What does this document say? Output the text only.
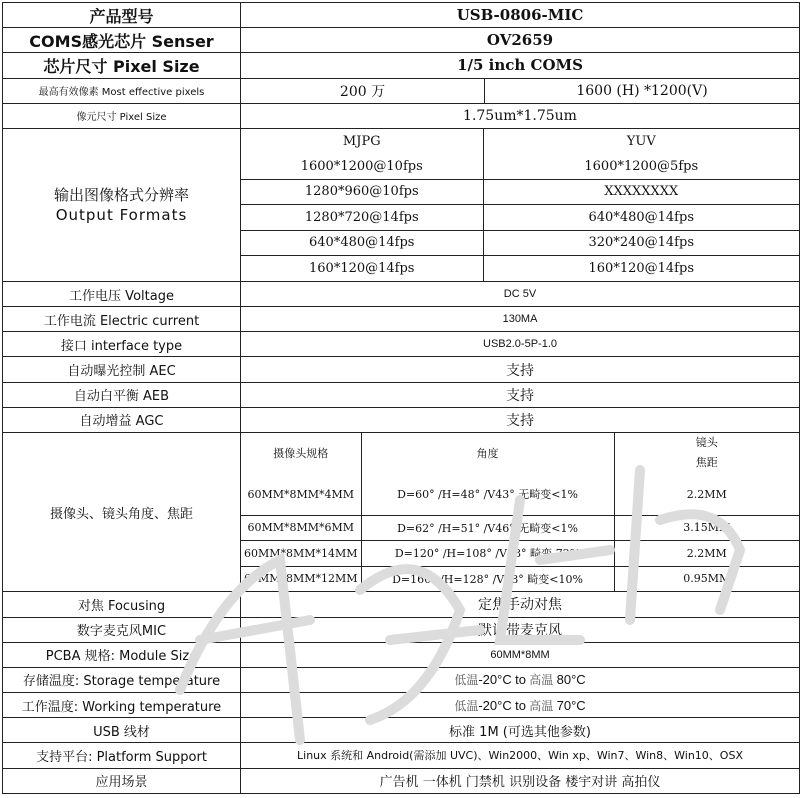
产品型号	USB-0806-MIC
COMS感光芯片 Senser	OV2659
芯片尺寸 Pixel Size	1/5 inch COMS
最高有效像素 Most effective pixels	200 万	1600 (H) *1200(V)
像元尺寸 Pixel Size	1.75um*1.75um

输出图像格式分辨率
Output Formats

MJPG	YUV
1600*1200@10fps	1600*1200@5fps
1280*960@10fps	XXXXXXXX
1280*720@14fps	640*480@14fps
640*480@14fps	320*240@14fps
160*120@14fps	160*120@14fps

工作电压 Voltage	DC 5V
工作电流 Electric current	130MA
接口 interface type	USB2.0-5P-1.0
自动曝光控制 AEC	支持
自动白平衡 AEB	支持
自动增益 AGC	支持
摄像头、镜头角度、焦距	
摄像头规格	角度	镜头
焦距
60MM*8MM*4MM	D=60° /H=48° /V43° 无畸变<1%	2.2MM
60MM*8MM*6MM	D=62° /H=51° /V46° 无畸变<1%	3.15MM
60MM*8MM*14MM	D=120° /H=108° /V58° 畸变-72%	2.2MM
60MM*8MM*12MM	D=160° /H=128° /V98° 畸变<10%	0.95MM

对焦 Focusing	定焦手动对焦
数字麦克风MIC	默认带麦克风
PCBA 规格: Module Size	60MM*8MM
存储温度: Storage temperature	低温-20°C to 高温 80°C
工作温度: Working temperature	低温-20°C to 高温 70°C
USB 线材	标准 1M (可选其他参数)
支持平台: Platform Support	Linux 系统和 Android(需添加 UVC)、Win2000、Win xp、Win7、Win8、Win10、OSX
应用场景	广告机 一体机 门禁机 识别设备 楼宇对讲 高拍仪
